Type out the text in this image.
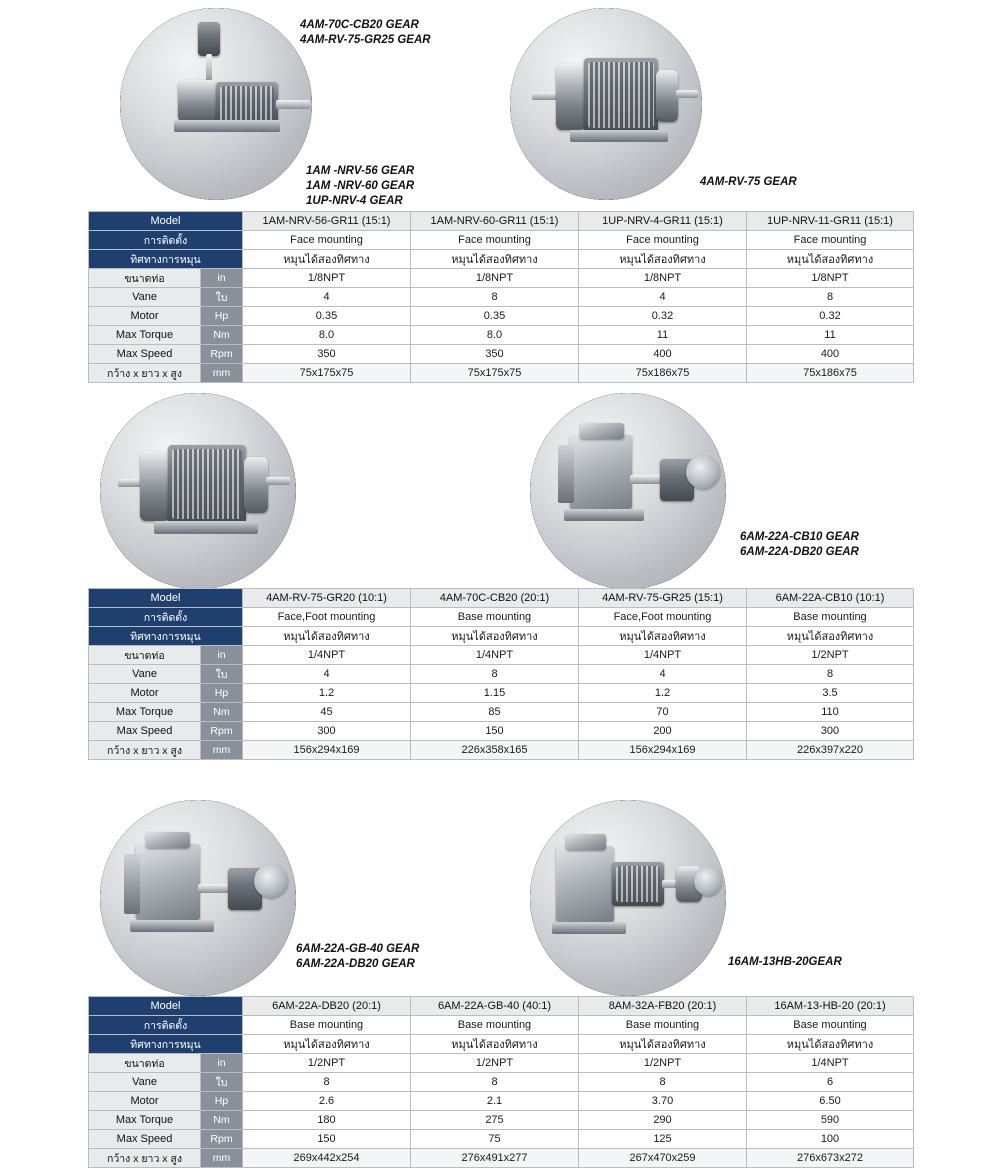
1AM -NRV-56 GEAR
1AM -NRV-60 GEAR
1UP-NRV-4 GEAR
4AM-RV-75 GEAR
Model		1AM-NRV-56-GR11 (15:1)	1AM-NRV-60-GR11 (15:1)	1UP-NRV-4-GR11 (15:1)	1UP-NRV-11-GR11 (15:1)
การติดตั้ง		Face mounting	Face mounting	Face mounting	Face mounting
ทิศทางการหมุน		หมุนได้สองทิศทาง	หมุนได้สองทิศทาง	หมุนได้สองทิศทาง	หมุนได้สองทิศทาง
ขนาดท่อ	in	1/8NPT	1/8NPT	1/8NPT	1/8NPT
Vane	ใบ	4	8	4	8
Motor	Hp	0.35	0.35	0.32	0.32
Max Torque	Nm	8.0	8.0	11	11
Max Speed	Rpm	350	350	400	400
กว้าง x ยาว x สูง	mm	75x175x75	75x175x75	75x186x75	75x186x75
4AM-70C-CB20 GEAR
4AM-RV-75-GR25 GEAR
6AM-22A-CB10 GEAR
6AM-22A-DB20 GEAR
Model		4AM-RV-75-GR20 (10:1)	4AM-70C-CB20 (20:1)	4AM-RV-75-GR25 (15:1)	6AM-22A-CB10 (10:1)
การติดตั้ง		Face,Foot mounting	Base mounting	Face,Foot mounting	Base mounting
ทิศทางการหมุน		หมุนได้สองทิศทาง	หมุนได้สองทิศทาง	หมุนได้สองทิศทาง	หมุนได้สองทิศทาง
ขนาดท่อ	in	1/4NPT	1/4NPT	1/4NPT	1/2NPT
Vane	ใบ	4	8	4	8
Motor	Hp	1.2	1.15	1.2	3.5
Max Torque	Nm	45	85	70	110
Max Speed	Rpm	300	150	200	300
กว้าง x ยาว x สูง	mm	156x294x169	226x358x165	156x294x169	226x397x220
6AM-22A-GB-40 GEAR
6AM-22A-DB20 GEAR	16AM-13HB-20GEAR
Model		6AM-22A-DB20 (20:1)	6AM-22A-GB-40 (40:1)	8AM-32A-FB20 (20:1)	16AM-13-HB-20 (20:1)
การติดตั้ง		Base mounting	Base mounting	Base mounting	Base mounting
ทิศทางการหมุน		หมุนได้สองทิศทาง	หมุนได้สองทิศทาง	หมุนได้สองทิศทาง	หมุนได้สองทิศทาง
ขนาดท่อ	in	1/2NPT	1/2NPT	1/2NPT	1/4NPT
Vane	ใบ	8	8	8	6
Motor	Hp	2.6	2.1	3.70	6.50
Max Torque	Nm	180	275	290	590
Max Speed	Rpm	150	75	125	100
กว้าง x ยาว x สูง	mm	269x442x254	276x491x277	267x470x259	276x673x272
